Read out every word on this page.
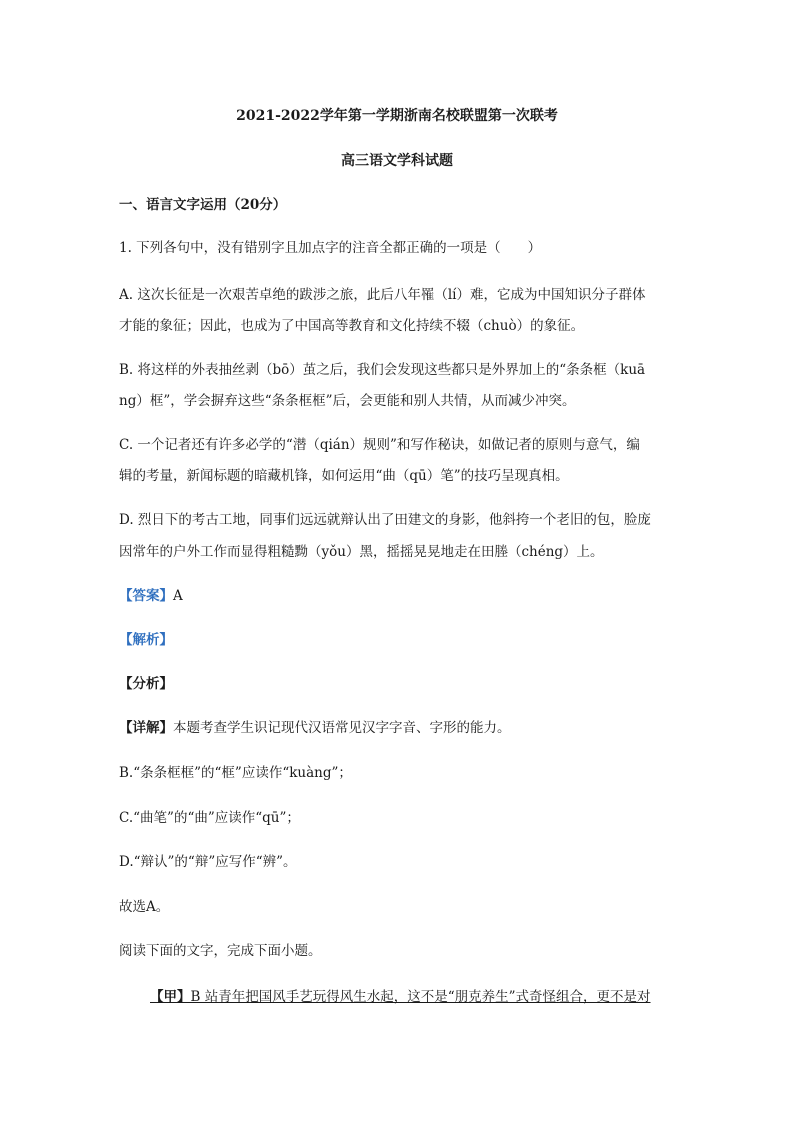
2021-2022学年第一学期浙南名校联盟第一次联考
高三语文学科试题
一、语言文字运用（20分）
1. 下列各句中，没有错别字且加点字的注音全都正确的一项是（　　）
A. 这次长征是一次艰苦卓绝的跋涉之旅，此后八年罹（lí）难，它成为中国知识分子群体
才能的象征；因此，也成为了中国高等教育和文化持续不辍（chuò）的象征。
B. 将这样的外表抽丝剥（bō）茧之后，我们会发现这些都只是外界加上的“条条框（kuā
ng）框”，学会摒弃这些“条条框框”后，会更能和别人共情，从而减少冲突。
C. 一个记者还有许多必学的“潜（qián）规则”和写作秘诀，如做记者的原则与意气，编
辑的考量，新闻标题的暗藏机锋，如何运用“曲（qū）笔”的技巧呈现真相。
D. 烈日下的考古工地，同事们远远就辩认出了田建文的身影，他斜挎一个老旧的包，脸庞
因常年的户外工作而显得粗糙黝（yǒu）黑，摇摇晃晃地走在田塍（chéng）上。
【答案】A
【解析】
【分析】
【详解】本题考查学生识记现代汉语常见汉字字音、字形的能力。
B.“条条框框”的“框”应读作“kuàng”；
C.“曲笔”的“曲”应读作“qū”；
D.“辩认”的“辩”应写作“辨”。
故选A。
阅读下面的文字，完成下面小题。
【甲】B 站青年把国风手艺玩得风生水起，这不是“朋克养生”式奇怪组合，更不是对
